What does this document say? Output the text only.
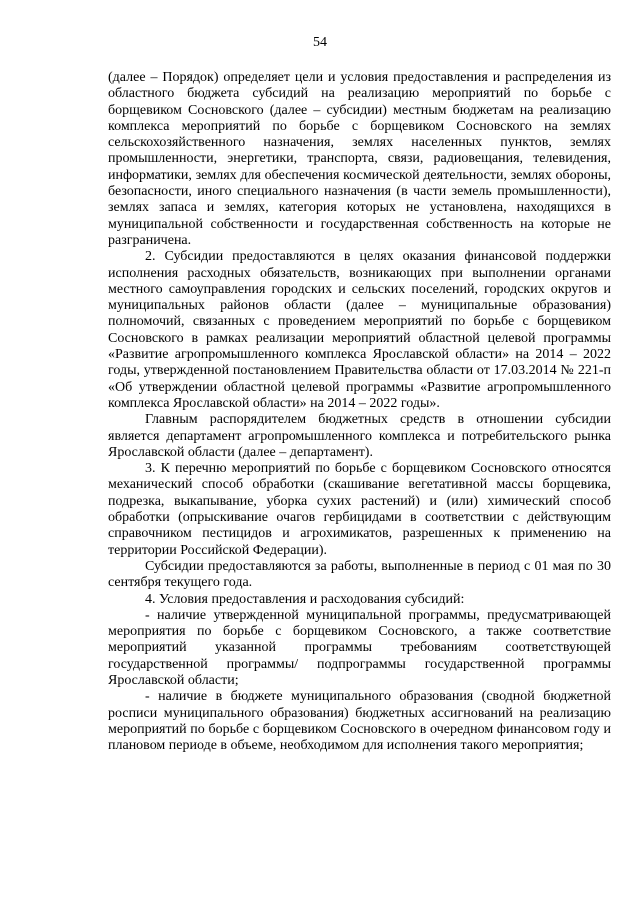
54

(далее – Порядок) определяет цели и условия предоставления и распределения из областного бюджета субсидий на реализацию мероприятий по борьбе с борщевиком Сосновского (далее – субсидии) местным бюджетам на реализацию комплекса мероприятий по борьбе с борщевиком Сосновского на землях сельскохозяйственного назначения, землях населенных пунктов, землях промышленности, энергетики, транспорта, связи, радиовещания, телевидения, информатики, землях для обеспечения космической деятельности, землях обороны, безопасности, иного специального назначения (в части земель промышленности), землях запаса и землях, категория которых не установлена, находящихся в муниципальной собственности и государственная собственность на которые не разграничена.

2. Субсидии предоставляются в целях оказания финансовой поддержки исполнения расходных обязательств, возникающих при выполнении органами местного самоуправления городских и сельских поселений, городских округов и муниципальных районов области (далее – муниципальные образования) полномочий, связанных с проведением мероприятий по борьбе с борщевиком Сосновского в рамках реализации мероприятий областной целевой программы «Развитие агропромышленного комплекса Ярославской области» на 2014 – 2022 годы, утвержденной постановлением Правительства области от 17.03.2014 № 221-п «Об утверждении областной целевой программы «Развитие агропромышленного комплекса Ярославской области» на 2014 – 2022 годы».

Главным распорядителем бюджетных средств в отношении субсидии является департамент агропромышленного комплекса и потребительского рынка Ярославской области (далее – департамент).

3. К перечню мероприятий по борьбе с борщевиком Сосновского относятся механический способ обработки (скашивание вегетативной массы борщевика, подрезка, выкапывание, уборка сухих растений) и (или) химический способ обработки (опрыскивание очагов гербицидами в соответствии с действующим справочником пестицидов и агрохимикатов, разрешенных к применению на территории Российской Федерации).

Субсидии предоставляются за работы, выполненные в период с 01 мая по 30 сентября текущего года.

4. Условия предоставления и расходования субсидий:

- наличие утвержденной муниципальной программы, предусматривающей мероприятия по борьбе с борщевиком Сосновского, а также соответствие мероприятий указанной программы требованиям соответствующей государственной программы/ подпрограммы государственной программы Ярославской области;

- наличие в бюджете муниципального образования (сводной бюджетной росписи муниципального образования) бюджетных ассигнований на реализацию мероприятий по борьбе с борщевиком Сосновского в очередном финансовом году и плановом периоде в объеме, необходимом для исполнения такого мероприятия;
